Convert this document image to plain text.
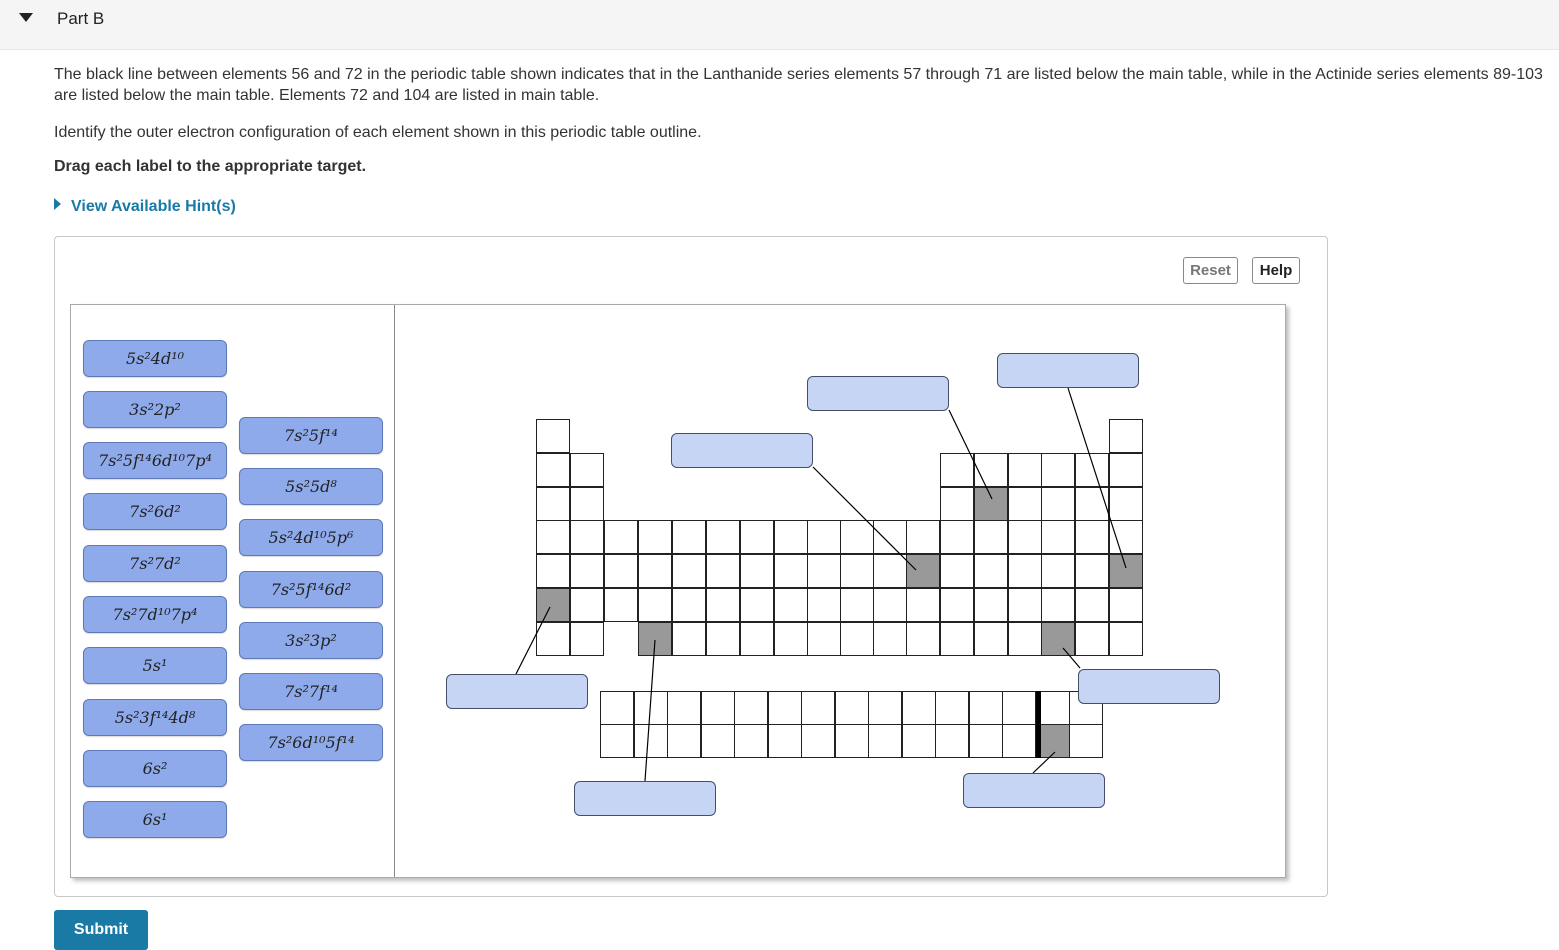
Part B

The black line between elements 56 and 72 in the periodic table shown indicates that in the Lanthanide series elements 57 through 71 are listed below the main table, while in the Actinide series elements 89-103 are listed below the main table. Elements 72 and 104 are listed in main table.

Identify the outer electron configuration of each element shown in this periodic table outline.
Drag each label to the appropriate target.
View Available Hint(s)
Reset	Help
5s²4d¹⁰
3s²2p²
7s²5f¹⁴6d¹⁰7p⁴
7s²6d²
7s²7d²
7s²7d¹⁰7p⁴
5s¹
5s²3f¹⁴4d⁸
6s²
6s¹
7s²5f¹⁴
5s²5d⁸
5s²4d¹⁰5p⁶
7s²5f¹⁴6d²
3s²3p²
7s²7f¹⁴
7s²6d¹⁰5f¹⁴
Submit
